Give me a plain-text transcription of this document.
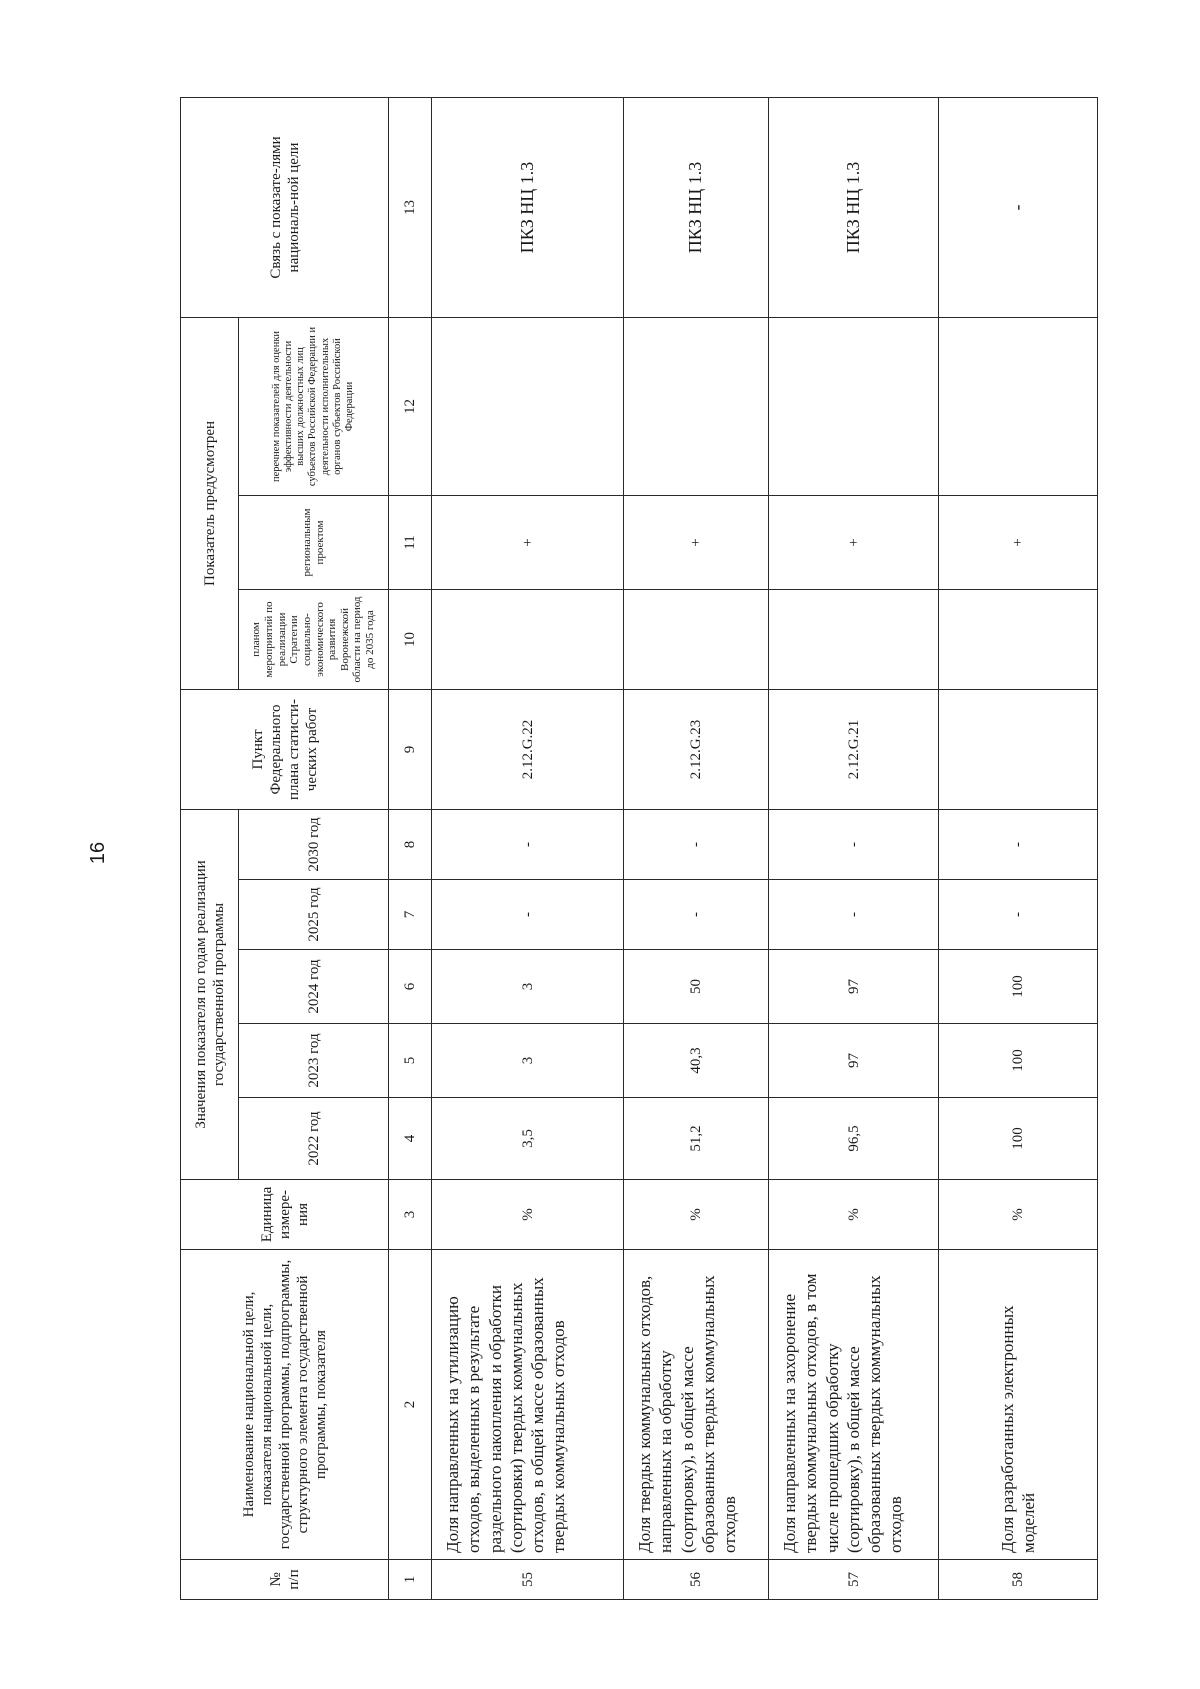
16
№ п/п	Наименование национальной цели, показателя национальной цели, государственной программы, подпрограммы, структурного элемента государственной программы, показателя	Единица измере-ния	Значения показателя по годам реализации государственной программы					Пункт Федерального плана статисти-ческих работ	Показатель предусмотрен			Связь с показате-лями националь-ной цели
			2022 год	2023 год	2024 год	2025 год	2030 год		планом мероприятий по реализации Стратегии социально-экономического развития Воронежской области на период до 2035 года	региональным проектом	перечнем показателей для оценки эффективности деятельности высших должностных лиц субъектов Российской Федерации и деятельности исполнительных органов субъектов Российской Федерации	
1	2	3	4	5	6	7	8	9	10	11	12	13
55	Доля направленных на утилизацию отходов, выделенных в результате раздельного накопления и обработки (сортировки) твердых коммунальных отходов, в общей массе образованных твердых коммунальных отходов	%	3,5	3	3	-	-	2.12.G.22		+		ПКЗ НЦ 1.3
56	Доля твердых коммунальных отходов, направленных на обработку (сортировку), в общей массе образованных твердых коммунальных отходов	%	51,2	40,3	50	-	-	2.12.G.23		+		ПКЗ НЦ 1.3
57	Доля направленных на захоронение твердых коммунальных отходов, в том числе прошедших обработку (сортировку), в общей массе образованных твердых коммунальных отходов	%	96,5	97	97	-	-	2.12.G.21		+		ПКЗ НЦ 1.3
58	Доля разработанных электронных моделей	%	100	100	100	-	-			+		-
